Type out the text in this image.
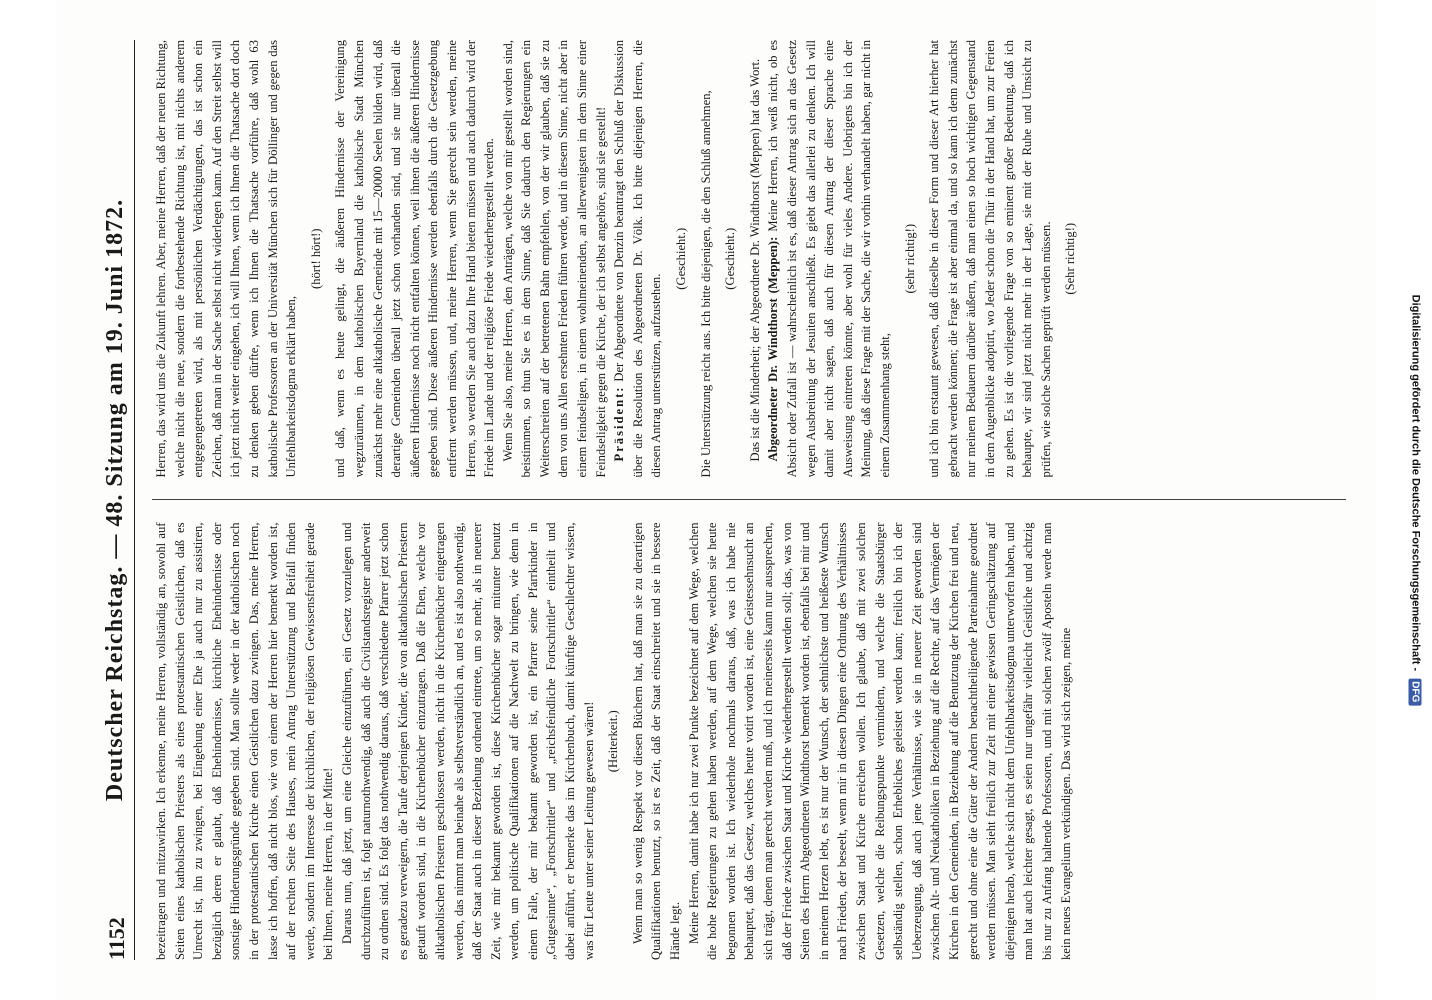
1152
Deutscher Reichstag. — 48. Sitzung am 19. Juni 1872. bezeitragen und mitzuwirken. Ich erkenne, meine Herren, vollständig an, sowohl auf Seiten eines katholischen Priesters als eines protestantischen Geistlichen, daß es Unrecht ist, ihn zu zwingen, bei Eingehung einer Ehe ja auch nur zu assistiren, bezüglich deren er glaubt, daß Ehehindernisse, kirchliche Ehehindernisse oder sonstige Hinderungsgründe gegeben sind. Man sollte weder in der katholischen noch in der protestantischen Kirche einen Geistlichen dazu zwingen. Das, meine Herren, lasse ich hoffen, daß nicht blos, wie von einem der Herren hier bemerkt worden ist, auf der rechten Seite des Hauses, mein Antrag Unterstützung und Beifall finden werde, sondern im Interesse der kirchlichen, der religiösen Gewissensfreiheit gerade bei Ihnen, meine Herren, in der Mitte! Daraus nun, daß jetzt, um eine Gleiche einzuführen, ein Gesetz vorzulegen und durchzuführen ist, folgt naturnothwendig, daß auch die Civilstandsregister anderweit zu ordnen sind. Es folgt das nothwendig daraus, daß verschiedene Pfarrer jetzt schon es geradezu verweigern, die Taufe derjenigen Kinder, die von altkatholischen Priestern getauft worden sind, in die Kirchenbücher einzutragen. Daß die Ehen, welche vor altkatholischen Priestern geschlossen werden, nicht in die Kirchenbücher eingetragen werden, das nimmt man beinahe als selbstverständlich an, und es ist also nothwendig, daß der Staat auch in dieser Beziehung ordnend eintrete, um so mehr, als in neuerer Zeit, wie mir bekannt geworden ist, diese Kirchenbücher sogar mitunter benutzt werden, um politische Qualifikationen auf die Nachwelt zu bringen, wie denn in einem Falle, der mir bekannt geworden ist, ein Pfarrer seine Pfarrkinder in „Gutgesinnte“, „Fortschrittler“ und „reichsfeindliche Fortschrittler“ eintheilt und dabei anführt, er bemerke das im Kirchenbuch, damit künftige Geschlechter wissen, was für Leute unter seiner Leitung gewesen wären! (Heiterkeit.) Wenn man so wenig Respekt vor diesen Büchern hat, daß man sie zu derartigen Qualifikationen benutzt, so ist es Zeit, daß der Staat einschreitet und sie in bessere Hände legt. Meine Herren, damit habe ich nur zwei Punkte bezeichnet auf dem Wege, welchen die hohe Regierungen zu gehen haben werden, auf dem Wege, welchen sie heute begonnen worden ist. Ich wiederhole nochmals daraus, daß, was ich habe nie behauptet, daß das Gesetz, welches heute votirt worden ist, eine Geistessehnsucht an sich trägt, denen man gerecht werden muß, und ich meinerseits kann nur aussprechen, daß der Friede zwischen Staat und Kirche wiederhergestellt werden soll; das, was von Seiten des Herrn Abgeordneten Windthorst bemerkt worden ist, ebenfalls bei mir und in meinem Herzen lebt, es ist nur der Wunsch, der sehnlichste und heißeste Wunsch nach Frieden, der beseelt, wenn mir in diesen Dingen eine Ordnung des Verhältnisses zwischen Staat und Kirche erreichen wollen. Ich glaube, daß mit zwei solchen Gesetzen, welche die Reibungspunkte vermindern, und welche die Staatsbürger selbständig stellen, schon Erhebliches geleistet werden kann; freilich bin ich der Ueberzeugung, daß auch jene Verhältnisse, wie sie in neuerer Zeit geworden sind zwischen Alt- und Neukatholiken in Beziehung auf die Rechte, auf das Vermögen der Kirchen in den Gemeinden, in Beziehung auf die Benutzung der Kirchen frei und neu, gerecht und ohne eine die Güter der Andern benachtheiligende Parteinahme geordnet werden müssen. Man sieht freilich zur Zeit mit einer gewissen Geringschätzung auf diejenigen herab, welche sich nicht dem Unfehlbarkeitsdogma unterworfen haben, und man hat auch leichter gesagt, es seien nur ungefähr vielleicht Geistliche und achtzig bis nur zu Anfang haltende Professoren, und mit solchen zwölf Aposteln werde man kein neues Evangelium verkündigen. Das wird sich zeigen, meine

Herren, das wird uns die Zukunft lehren. Aber, meine Herren, daß der neuen Richtung, welche nicht die neue, sondern die fortbestehende Richtung ist, mit nichts anderem entgegengetreten wird, als mit persönlichen Verdächtigungen, das ist schon ein Zeichen, daß man in der Sache selbst nicht widerlegen kann. Auf den Streit selbst will ich jetzt nicht weiter eingehen, ich will Ihnen, wenn ich Ihnen die Thatsache dort doch zu denken geben dürfte, wenn ich Ihnen die Thatsache vorführe, daß wohl 63 katholische Professoren an der Universität München sich für Döllinger und gegen das Unfehlbarkeitsdogma erklärt haben,

(hört! hört!) und daß, wenn es heute gelingt, die äußeren Hindernisse der Vereinigung wegzuräumen, in dem katholischen Bayernland die katholische Stadt München zunächst mehr eine altkatholische Gemeinde mit 15—20000 Seelen bilden wird, daß derartige Gemeinden überall jetzt schon vorhanden sind, und sie nur überall die äußeren Hindernisse noch nicht entfalten können, weil ihnen die äußeren Hindernisse gegeben sind. Diese äußeren Hindernisse werden ebenfalls durch die Gesetzgebung entfernt werden müssen, und, meine Herren, wenn Sie gerecht sein werden, meine Herren, so werden Sie auch dazu Ihre Hand bieten müssen und auch dadurch wird der Friede im Lande und der religiöse Friede wiederhergestellt werden. Wenn Sie also, meine Herren, den Anträgen, welche von mir gestellt worden sind, beistimmen, so thun Sie es in dem Sinne, daß Sie dadurch den Regierungen ein Weiterschreiten auf der betretenen Bahn empfehlen, von der wir glauben, daß sie zu dem von uns Allen ersehnten Frieden führen werde, und in diesem Sinne, nicht aber in einem feindseligen, in einem wohlmeinenden, an allerwenigsten im dem Sinne einer Feindseligkeit gegen die Kirche, der ich selbst angehöre, sind sie gestellt! Präsident: Der Abgeordnete von Denzin beantragt den Schluß der Diskussion über die Resolution des Abgeordneten Dr. Völk. Ich bitte diejenigen Herren, die diesen Antrag unterstützen, aufzustehen.

(Geschieht.) Die Unterstützung reicht aus. Ich bitte diejenigen, die den Schluß annehmen, (Geschieht.) Das ist die Minderheit; der Abgeordnete Dr. Windthorst (Meppen) hat das Wort. Abgeordneter Dr. Windthorst (Meppen): Meine Herren, ich weiß nicht, ob es Absicht oder Zufall ist — wahrscheinlich ist es, daß dieser Antrag sich an das Gesetz wegen Ausbreitung der Jesuiten anschließt. Es giebt das allerlei zu denken. Ich will damit aber nicht sagen, daß auch für diesen Antrag der dieser Sprache eine Ausweisung eintreten könnte, aber wohl für vieles Andere. Uebrigens bin ich der Meinung, daß diese Frage mit der Sache, die wir vorhin verhandelt haben, gar nicht in einem Zusammenhang steht,

(sehr richtig!) und ich bin erstaunt gewesen, daß dieselbe in dieser Form und dieser Art hierher hat gebracht werden können; die Frage ist aber einmal da, und so kann ich denn zunächst nur meinem Bedauern darüber äußern, daß man einen so hoch wichtigen Gegenstand in dem Augenblicke adoptirt, wo Jeder schon die Thür in der Hand hat, um zur Ferien zu gehen. Es ist die vorliegende Frage von so eminent großer Bedeutung, daß ich behaupte, wir sind jetzt nicht mehr in der Lage, sie mit der Ruhe und Umsicht zu prüfen, wie solche Sachen geprüft werden müssen. (Sehr richtig!)

Digitalisierung gefördert durch die Deutsche Forschungsgemeinschaft - DFG
